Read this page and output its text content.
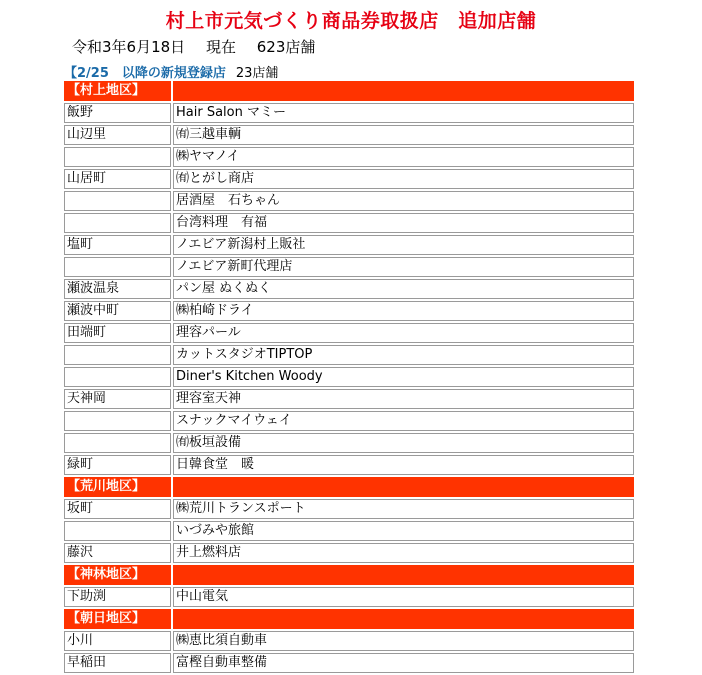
村上市元気づくり商品券取扱店　追加店舗
令和3年6月18日 現在 623店舗
【2/25　以降の新規登録店 23店舗
【村上地区】	
飯野	Hair Salon マミー
山辺里	㈲三越車輌
	㈱ヤマノイ
山居町	㈲とがし商店
	居酒屋　石ちゃん
	台湾料理　有福
塩町	ノエビア新潟村上販社
	ノエビア新町代理店
瀬波温泉	パン屋 ぬくぬく
瀬波中町	㈱柏崎ドライ
田端町	理容パール
	カットスタジオTIPTOP
	Diner's Kitchen Woody
天神岡	理容室天神
	スナックマイウェイ
	㈲板垣設備
緑町	日韓食堂　暖
【荒川地区】	
坂町	㈱荒川トランスポート
	いづみや旅館
藤沢	井上燃料店
【神林地区】	
下助渕	中山電気
【朝日地区】	
小川	㈱恵比須自動車
早稲田	富樫自動車整備
